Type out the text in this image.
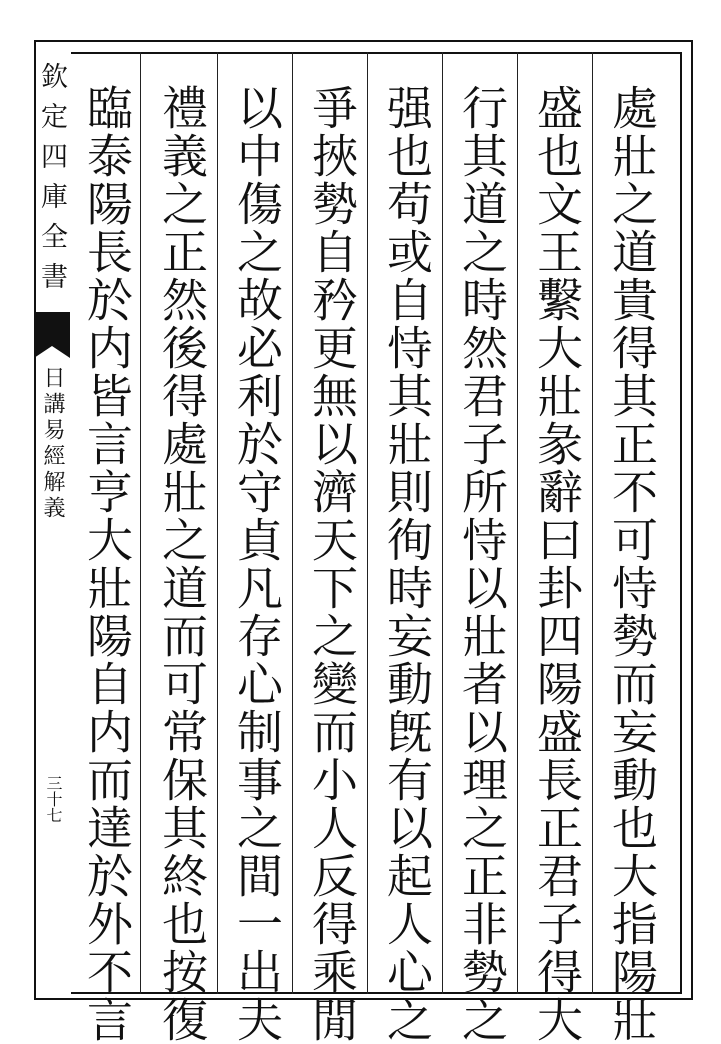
欽定四庫全書
日講易經解義
三十七	處壯之道貴得其正不可恃勢而妄動也大指陽壯
盛也文王繫大壯彖辭曰卦四陽盛長正君子得大
行其道之時然君子所恃以壯者以理之正非勢之
强也苟或自恃其壯則徇時妄動旣有以起人心之
爭挾勢自矜更無以濟天下之變而小人反得乘閒
以中傷之故必利於守貞凡存心制事之間一出夫
禮義之正然後得處壯之道而可常保其終也按復
臨泰陽長於内皆言亨大壯陽自内而達於外不言
